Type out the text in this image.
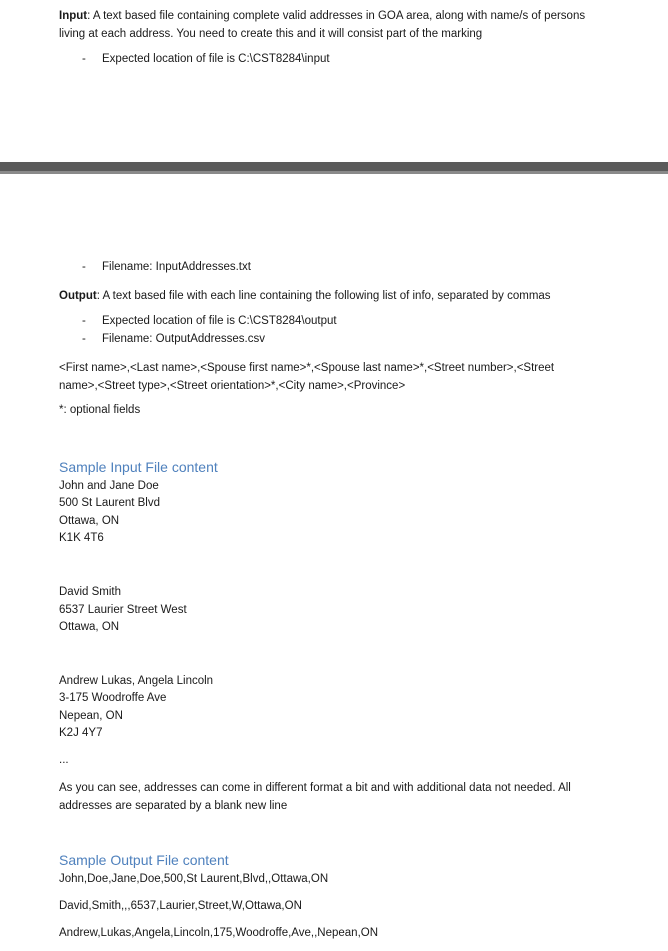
Input: A text based file containing complete valid addresses in GOA area, along with name/s of persons
living at each address. You need to create this and it will consist part of the marking
- Expected location of file is C:\CST8284\input
- Filename: InputAddresses.txt
Output: A text based file with each line containing the following list of info, separated by commas
- Expected location of file is C:\CST8284\output
- Filename: OutputAddresses.csv
<First name>,<Last name>,<Spouse first name>*,<Spouse last name>*,<Street number>,<Street
name>,<Street type>,<Street orientation>*,<City name>,<Province>
*: optional fields
Sample Input File content
John and Jane Doe
500 St Laurent Blvd
Ottawa, ON
K1K 4T6
David Smith
6537 Laurier Street West
Ottawa, ON
Andrew Lukas, Angela Lincoln
3-175 Woodroffe Ave
Nepean, ON
K2J 4Y7
...
As you can see, addresses can come in different format a bit and with additional data not needed. All
addresses are separated by a blank new line
Sample Output File content
John,Doe,Jane,Doe,500,St Laurent,Blvd,,Ottawa,ON
David,Smith,,,6537,Laurier,Street,W,Ottawa,ON
Andrew,Lukas,Angela,Lincoln,175,Woodroffe,Ave,,Nepean,ON
